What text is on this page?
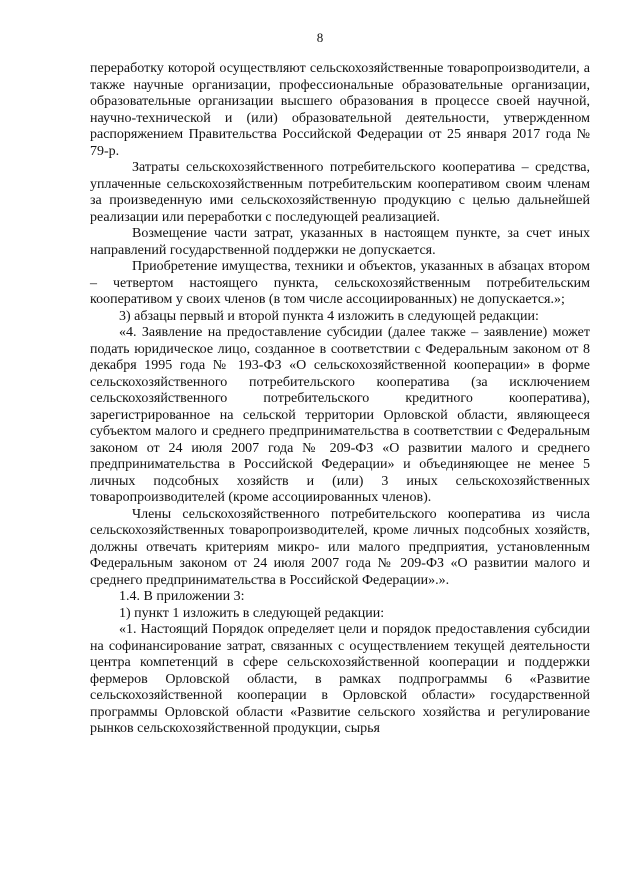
8

переработку которой осуществляют сельскохозяйственные товаропроизводители, а также научные организации, профессиональные образовательные организации, образовательные организации высшего образования в процессе своей научной, научно-технической и (или) образовательной деятельности, утвержденном распоряжением Правительства Российской Федерации от 25 января 2017 года № 79-р.

Затраты сельскохозяйственного потребительского кооператива – средства, уплаченные сельскохозяйственным потребительским кооперативом своим членам за произведенную ими сельскохозяйственную продукцию с целью дальнейшей реализации или переработки с последующей реализацией.

Возмещение части затрат, указанных в настоящем пункте, за счет иных направлений государственной поддержки не допускается.

Приобретение имущества, техники и объектов, указанных в абзацах втором – четвертом настоящего пункта, сельскохозяйственным потребительским кооперативом у своих членов (в том числе ассоциированных) не допускается.»;

3) абзацы первый и второй пункта 4 изложить в следующей редакции:

«4. Заявление на предоставление субсидии (далее также – заявление) может подать юридическое лицо, созданное в соответствии с Федеральным законом от 8 декабря 1995 года № 193-ФЗ «О сельскохозяйственной кооперации» в форме сельскохозяйственного потребительского кооператива (за исключением сельскохозяйственного потребительского кредитного кооператива), зарегистрированное на сельской территории Орловской области, являющееся субъектом малого и среднего предпринимательства в соответствии с Федеральным законом от 24 июля 2007 года № 209-ФЗ «О развитии малого и среднего предпринимательства в Российской Федерации» и объединяющее не менее 5 личных подсобных хозяйств и (или) 3 иных сельскохозяйственных товаропроизводителей (кроме ассоциированных членов).

Члены сельскохозяйственного потребительского кооператива из числа сельскохозяйственных товаропроизводителей, кроме личных подсобных хозяйств, должны отвечать критериям микро- или малого предприятия, установленным Федеральным законом от 24 июля 2007 года № 209-ФЗ «О развитии малого и среднего предпринимательства в Российской Федерации».».

1.4. В приложении 3:

1) пункт 1 изложить в следующей редакции:

«1. Настоящий Порядок определяет цели и порядок предоставления субсидии на софинансирование затрат, связанных с осуществлением текущей деятельности центра компетенций в сфере сельскохозяйственной кооперации и поддержки фермеров Орловской области, в рамках подпрограммы 6 «Развитие сельскохозяйственной кооперации в Орловской области» государственной программы Орловской области «Развитие сельского хозяйства и регулирование рынков сельскохозяйственной продукции, сырья
